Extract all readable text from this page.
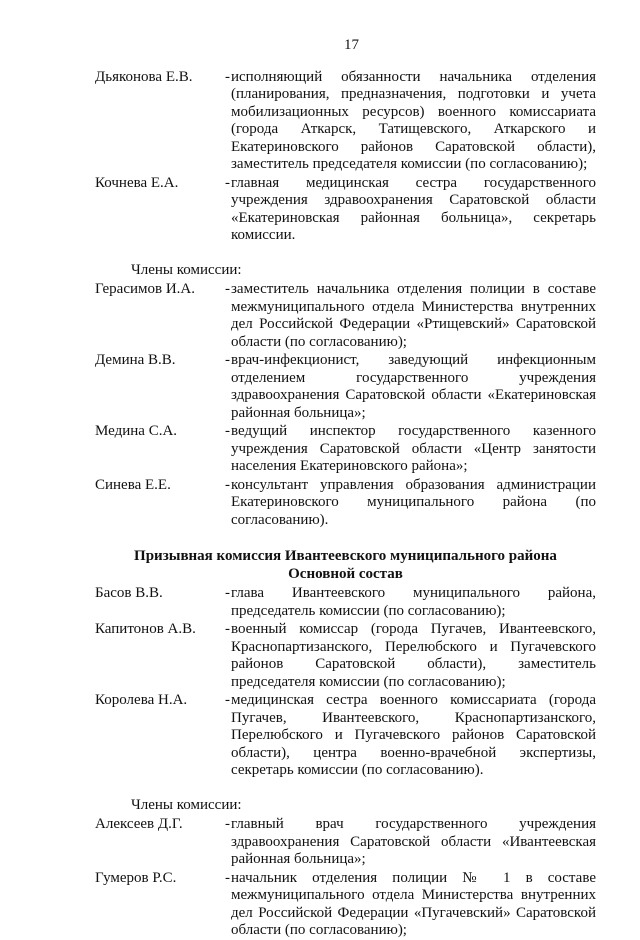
17
Дьяконова Е.В.	- исполняющий обязанности начальника отделения (планирования, предназначения, подготовки и учета мобилизационных ресурсов) военного комиссариата (города Аткарск, Татищевского, Аткарского и Екатериновского районов Саратовской области), заместитель председателя комиссии (по согласованию);
Кочнева Е.А.	- главная медицинская сестра государственного учреждения здравоохранения Саратовской области «Екатериновская районная больница», секретарь комиссии.
Члены комиссии:
Герасимов И.А.	- заместитель начальника отделения полиции в составе межмуниципального отдела Министерства внутренних дел Российской Федерации «Ртищевский» Саратовской области (по согласованию);
Демина В.В.	- врач-инфекционист, заведующий инфекционным отделением государственного учреждения здравоохранения Саратовской области «Екатериновская районная больница»;
Медина С.А.	- ведущий инспектор государственного казенного учреждения Саратовской области «Центр занятости населения Екатериновского района»;
Синева Е.Е.	- консультант управления образования администрации Екатериновского муниципального района (по согласованию).
Призывная комиссия Ивантеевского муниципального района
Основной состав
Басов В.В.	- глава Ивантеевского муниципального района, председатель комиссии (по согласованию);
Капитонов А.В.	- военный комиссар (города Пугачев, Ивантеевского, Краснопартизанского, Перелюбского и Пугачевского районов Саратовской области), заместитель председателя комиссии (по согласованию);
Королева Н.А.	- медицинская сестра военного комиссариата (города Пугачев, Ивантеевского, Краснопартизанского, Перелюбского и Пугачевского районов Саратовской области), центра военно-врачебной экспертизы, секретарь комиссии (по согласованию).
Члены комиссии:
Алексеев Д.Г.	- главный врач государственного учреждения здравоохранения Саратовской области «Ивантеевская районная больница»;
Гумеров Р.С.	- начальник отделения полиции № 1 в составе межмуниципального отдела Министерства внутренних дел Российской Федерации «Пугачевский» Саратовской области (по согласованию);
